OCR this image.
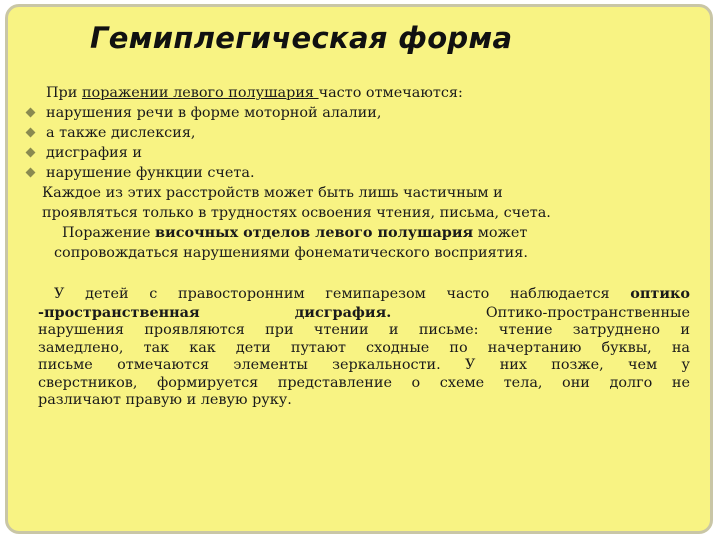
Гемиплегическая форма
При поражении левого полушария часто отмечаются:
нарушения речи в форме моторной алалии,
а также дислексия,
дисграфия и
нарушение функции счета.
Каждое из этих расстройств может быть лишь частичным и
проявляться только в трудностях освоения чтения, письма, счета.
Поражение височных отделов левого полушария может
сопровождаться нарушениями фонематического восприятия.
У детей с правосторонним гемипарезом часто наблюдается оптико
-пространственная дисграфия. Оптико-пространственные
нарушения проявляются при чтении и письме: чтение затруднено и
замедлено, так как дети путают сходные по начертанию буквы, на
письме отмечаются элементы зеркальности. У них позже, чем у
сверстников, формируется представление о схеме тела, они долго не
различают правую и левую руку.
